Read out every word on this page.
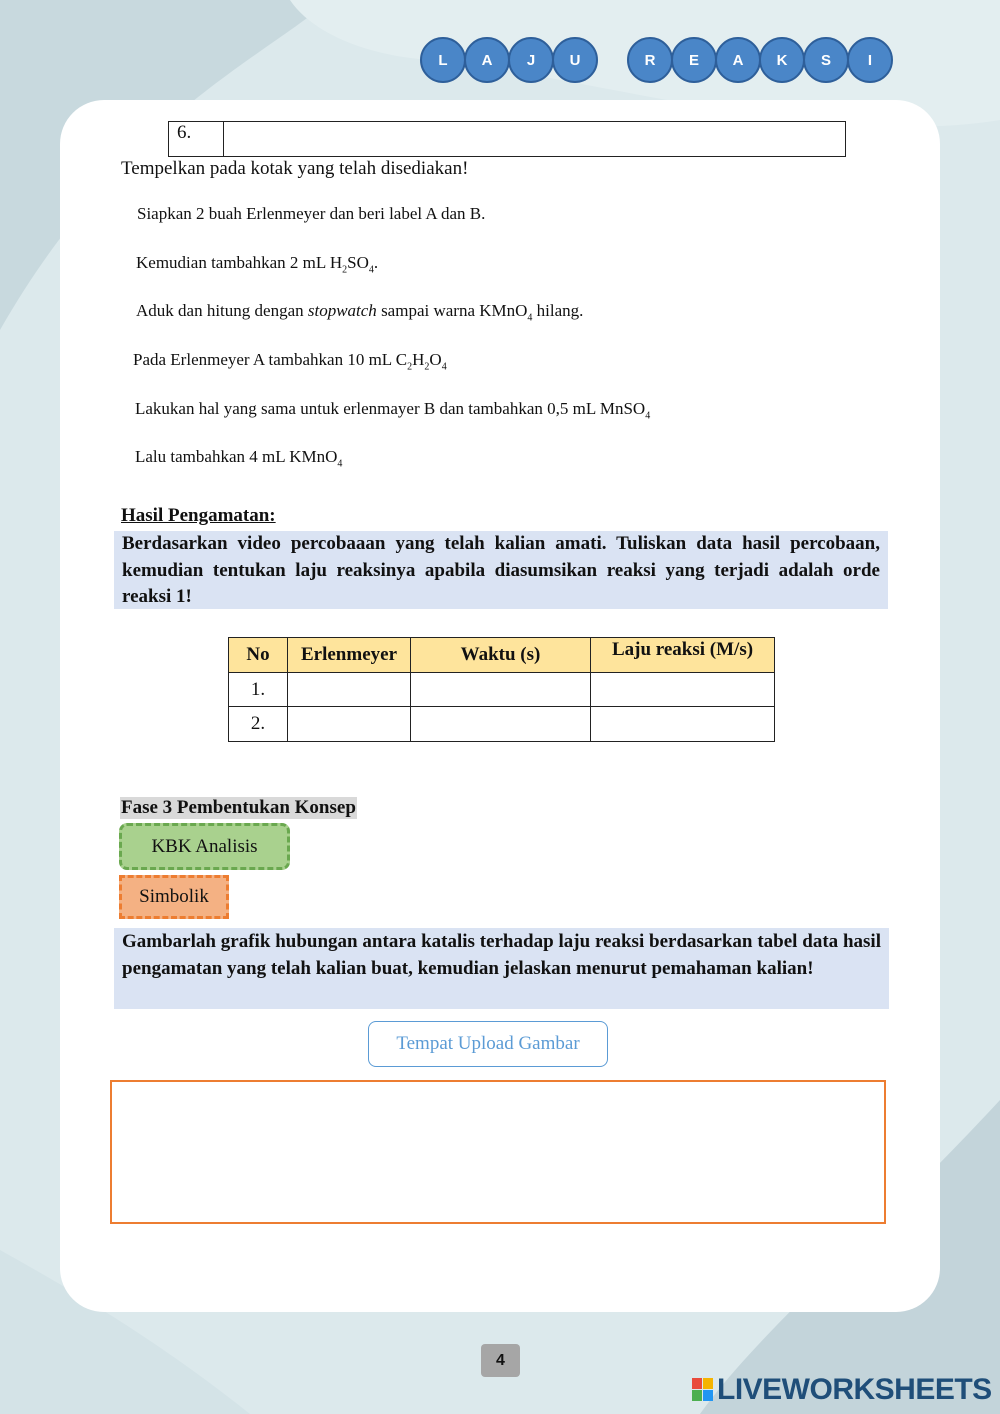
L	A	J	U	R	E	A	K	S	I
6.	
Tempelkan pada kotak yang telah disediakan!
Siapkan 2 buah Erlenmeyer dan beri label A dan B.
Kemudian tambahkan 2 mL $H_2SO_4$.
Aduk dan hitung dengan stopwatch sampai warna KMnO$_4$ hilang.
Pada Erlenmeyer A tambahkan 10 mL $C_2H_2O_4$
Lakukan hal yang sama untuk erlenmayer B dan tambahkan 0,5 mL MnSO$_4$
Lalu tambahkan 4 mL KMnO$_4$
Hasil Pengamatan:
Berdasarkan video percobaaan yang telah kalian amati. Tuliskan data hasil percobaan, kemudian tentukan laju reaksinya apabila diasumsikan reaksi yang terjadi adalah orde reaksi 1!
No	Erlenmeyer	Waktu (s)	Laju reaksi (M/s)
1.			
2.			
Fase 3 Pembentukan Konsep
KBK Analisis
Simbolik
Gambarlah grafik hubungan antara katalis terhadap laju reaksi berdasarkan tabel data hasil pengamatan yang telah kalian buat, kemudian jelaskan menurut pemahaman kalian!
Tempat Upload Gambar
4
LIVEWORKSHEETS
